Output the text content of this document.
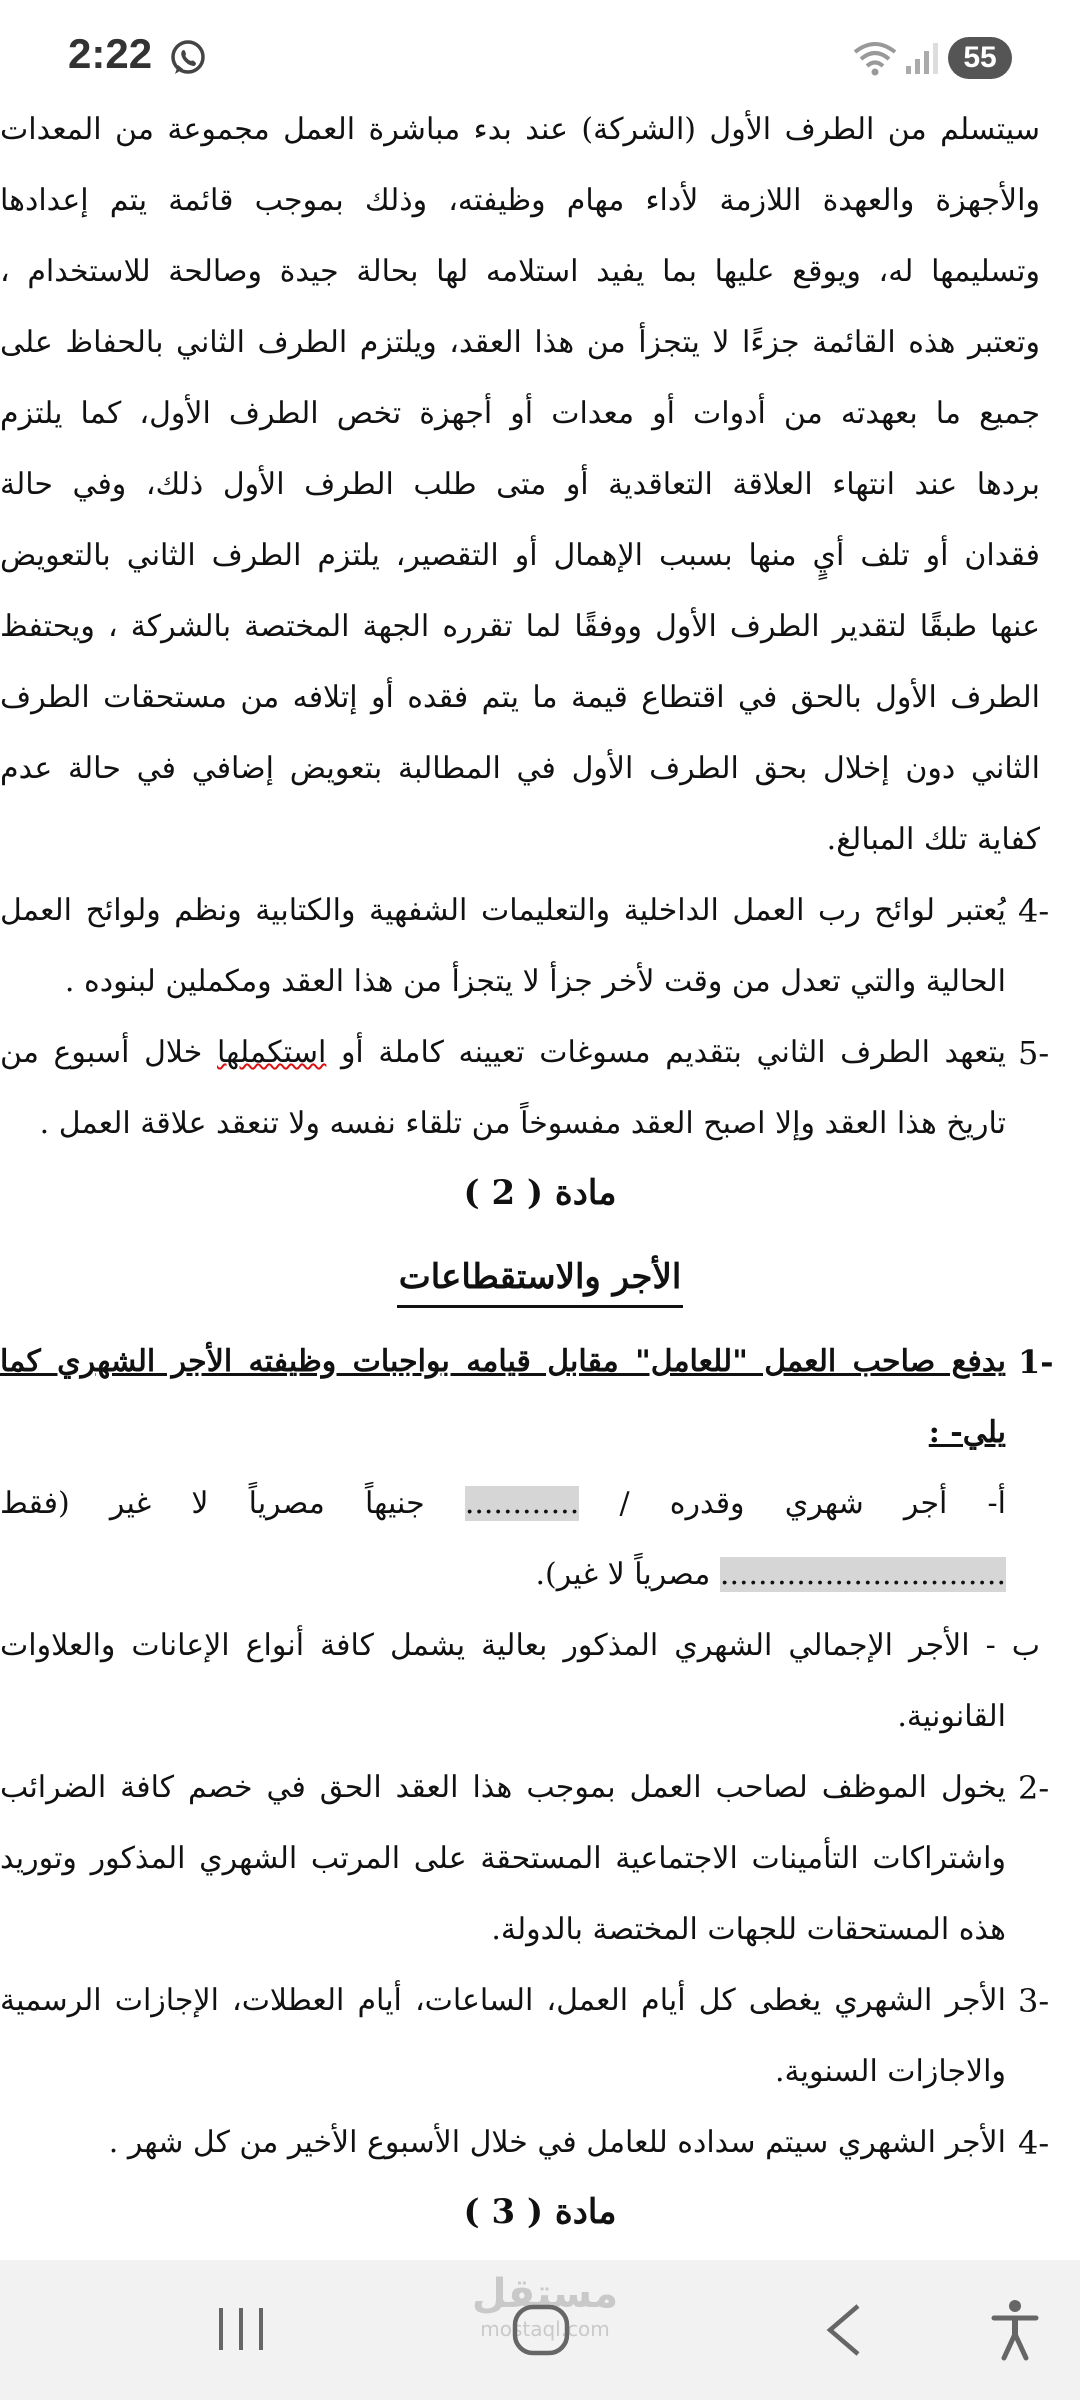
2:22	55
سيتسلم من الطرف الأول (الشركة) عند بدء مباشرة العمل مجموعة من المعدات
والأجهزة والعهدة اللازمة لأداء مهام وظيفته، وذلك بموجب قائمة يتم إعدادها
وتسليمها له، ويوقع عليها بما يفيد استلامه لها بحالة جيدة وصالحة للاستخدام ،
وتعتبر هذه القائمة جزءًا لا يتجزأ من هذا العقد، ويلتزم الطرف الثاني بالحفاظ على
جميع ما بعهدته من أدوات أو معدات أو أجهزة تخص الطرف الأول، كما يلتزم
بردها عند انتهاء العلاقة التعاقدية أو متى طلب الطرف الأول ذلك، وفي حالة
فقدان أو تلف أيٍ منها بسبب الإهمال أو التقصير، يلتزم الطرف الثاني بالتعويض
عنها طبقًا لتقدير الطرف الأول ووفقًا لما تقرره الجهة المختصة بالشركة ، ويحتفظ
الطرف الأول بالحق في اقتطاع قيمة ما يتم فقده أو إتلافه من مستحقات الطرف
الثاني دون إخلال بحق الطرف الأول في المطالبة بتعويض إضافي في حالة عدم
كفاية تلك المبالغ.
4-
يُعتبر لوائح رب العمل الداخلية والتعليمات الشفهية والكتابية ونظم ولوائح العمل
الحالية والتي تعدل من وقت لأخر جزأ لا يتجزأ من هذا العقد ومكملين لبنوده .
5-
يتعهد الطرف الثاني بتقديم مسوغات تعيينه كاملة أو استكملها خلال أسبوع من
تاريخ هذا العقد وإلا اصبح العقد مفسوخاً من تلقاء نفسه ولا تنعقد علاقة العمل .
مادة ( 2 )
الأجر والاستقطاعات
1-
يدفع صاحب العمل "للعامل" مقابل قيامه بواجبات وظيفته الأجر الشهري كما
يلي- :
أ- أجر شهري وقدره / ............ جنيهاً مصرياً لا غير (فقط
.............................. مصرياً لا غير).
ب - الأجر الإجمالي الشهري المذكور بعالية يشمل كافة أنواع الإعانات والعلاوات
القانونية.
2-
يخول الموظف لصاحب العمل بموجب هذا العقد الحق في خصم كافة الضرائب
واشتراكات التأمينات الاجتماعية المستحقة على المرتب الشهري المذكور وتوريد
هذه المستحقات للجهات المختصة بالدولة.
3-
الأجر الشهري يغطى كل أيام العمل، الساعات، أيام العطلات، الإجازات الرسمية
والاجازات السنوية.
4-
الأجر الشهري سيتم سداده للعامل في خلال الأسبوع الأخير من كل شهر .
مادة ( 3 )
مستقل
mostaql.com
